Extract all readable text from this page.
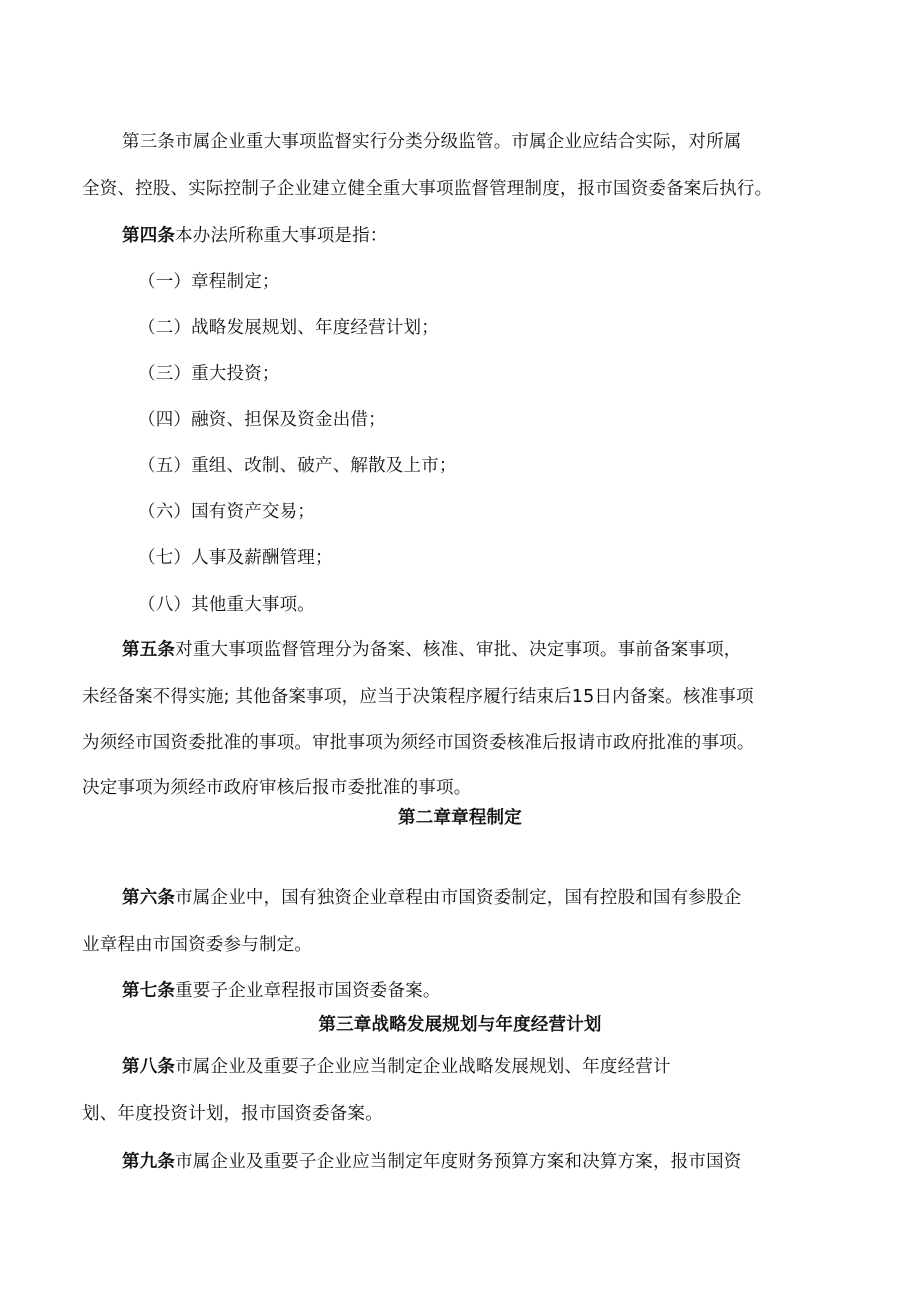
第三条市属企业重大事项监督实行分类分级监管。市属企业应结合实际，对所属
全资、控股、实际控制子企业建立健全重大事项监督管理制度，报市国资委备案后执行。
第四条本办法所称重大事项是指：
（一）章程制定；
（二）战略发展规划、年度经营计划；
（三）重大投资；
（四）融资、担保及资金出借；
（五）重组、改制、破产、解散及上市；
（六）国有资产交易；
（七）人事及薪酬管理；
（八）其他重大事项。
第五条对重大事项监督管理分为备案、核准、审批、决定事项。事前备案事项，
未经备案不得实施; 其他备案事项，应当于决策程序履行结束后15日内备案。核准事项
为须经市国资委批准的事项。审批事项为须经市国资委核准后报请市政府批准的事项。
决定事项为须经市政府审核后报市委批准的事项。
第二章章程制定
第六条市属企业中，国有独资企业章程由市国资委制定，国有控股和国有参股企
业章程由市国资委参与制定。
第七条重要子企业章程报市国资委备案。
第三章战略发展规划与年度经营计划
第八条市属企业及重要子企业应当制定企业战略发展规划、年度经营计
划、年度投资计划，报市国资委备案。
第九条市属企业及重要子企业应当制定年度财务预算方案和决算方案，报市国资
